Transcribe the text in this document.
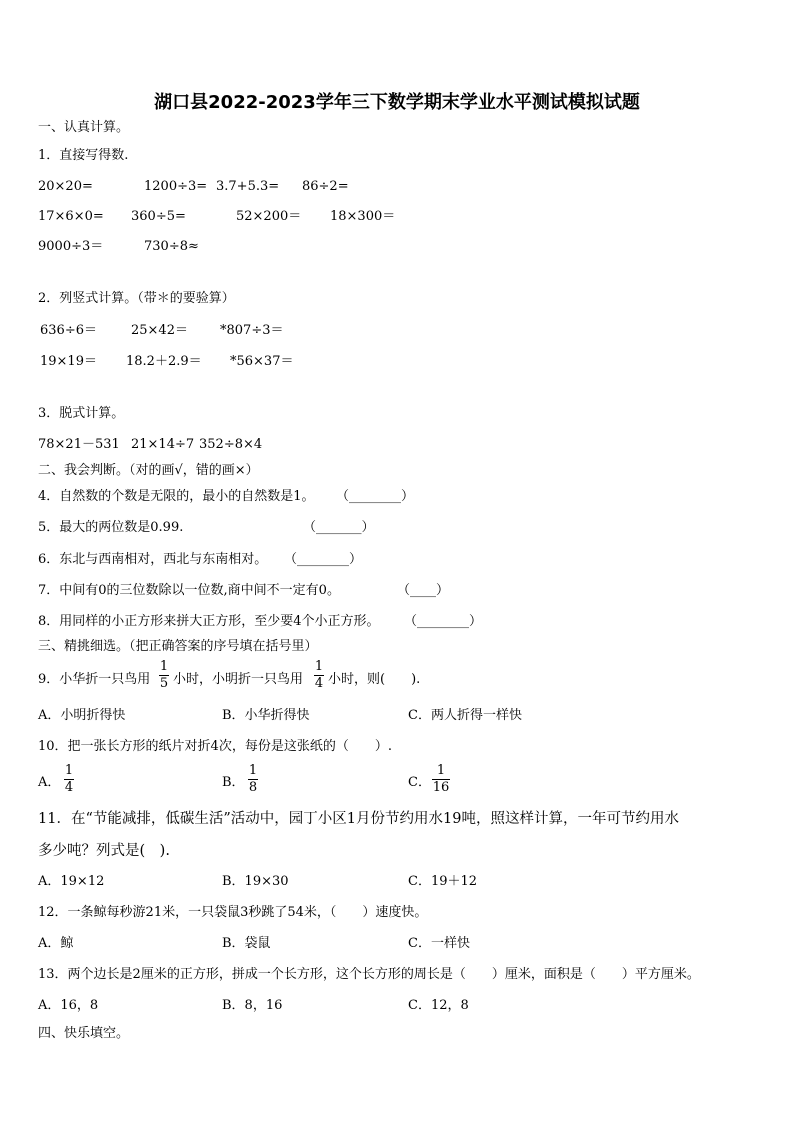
湖口县2022-2023学年三下数学期末学业水平测试模拟试题
一、认真计算。
1．直接写得数.
20×20=	1200÷3= 3.7+5.3= 86÷2=
17×6×0= 360÷5=	52×200＝ 18×300＝
9000÷3＝	730÷8≈
2．列竖式计算。（带＊的要验算）
636÷6＝	25×42＝ *807÷3＝
19×19＝ 18.2＋2.9＝ *56×37＝
3．脱式计算。
78×21－531 21×14÷7 352÷8×4
二、我会判断。（对的画√，错的画×）
4．自然数的个数是无限的，最小的自然数是1。 （________）
5．最大的两位数是0.99.	（_______）
6．东北与西南相对，西北与东南相对。 （________）
7．中间有0的三位数除以一位数,商中间不一定有0。	（____）
8．用同样的小正方形来拼大正方形，至少要4个小正方形。 （________）
三、精挑细选。（把正确答案的序号填在括号里）
9．小华折一只鸟用
1
5 小时，小明折一只鸟用
1
4 小时，则(　　).
A．小明折得快	B．小华折得快	C．两人折得一样快
10．把一张长方形的纸片对折4次，每份是这张纸的（　　）.
A．
1
4	B．
1
8	C．
1
16
11．在“节能减排，低碳生活”活动中，园丁小区1月份节约用水19吨，照这样计算，一年可节约用水
多少吨？列式是(　).
A．19×12	B．19×30	C．19＋12
12．一条鲸每秒游21米，一只袋鼠3秒跳了54米，（　　）速度快。
A．鲸	B．袋鼠	C．一样快
13．两个边长是2厘米的正方形，拼成一个长方形，这个长方形的周长是（　　）厘米，面积是（　　）平方厘米。
A．16，8	B．8，16	C．12，8
四、快乐填空。
